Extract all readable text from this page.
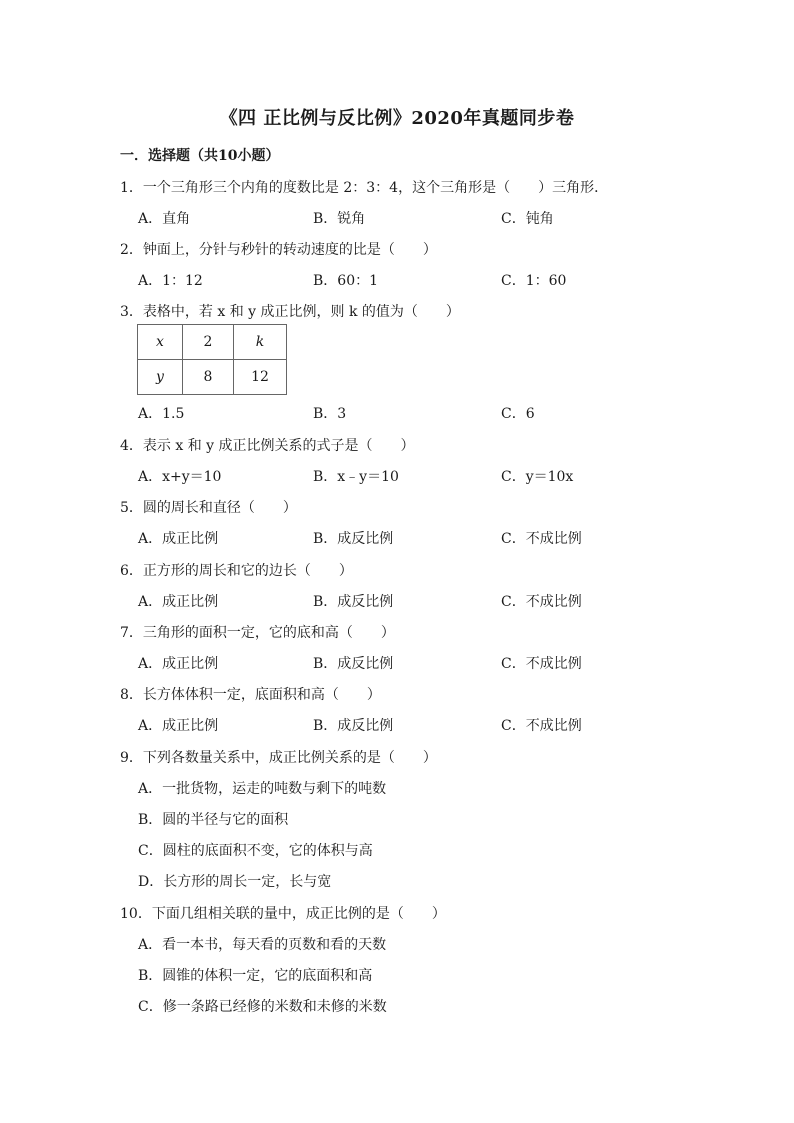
《四 正比例与反比例》2020年真题同步卷
一．选择题（共10小题）
1．一个三角形三个内角的度数比是 2：3：4，这个三角形是（　　）三角形．
A．直角	B．锐角	C．钝角
2．钟面上，分针与秒针的转动速度的比是（　　）
A．1：12	B．60：1	C．1：60
3．表格中，若 x 和 y 成正比例，则 k 的值为（　　）
x	2	k
y	8	12
A．1.5	B．3	C．6
4．表示 x 和 y 成正比例关系的式子是（　　）
A．x+y＝10	B．x﹣y＝10	C．y＝10x
5．圆的周长和直径（　　）
A．成正比例	B．成反比例	C．不成比例
6．正方形的周长和它的边长（　　）
A．成正比例	B．成反比例	C．不成比例
7．三角形的面积一定，它的底和高（　　）
A．成正比例	B．成反比例	C．不成比例
8．长方体体积一定，底面积和高（　　）
A．成正比例	B．成反比例	C．不成比例
9．下列各数量关系中，成正比例关系的是（　　）
A．一批货物，运走的吨数与剩下的吨数
B．圆的半径与它的面积
C．圆柱的底面积不变，它的体积与高
D．长方形的周长一定，长与宽
10．下面几组相关联的量中，成正比例的是（　　）
A．看一本书，每天看的页数和看的天数
B．圆锥的体积一定，它的底面积和高
C．修一条路已经修的米数和未修的米数
